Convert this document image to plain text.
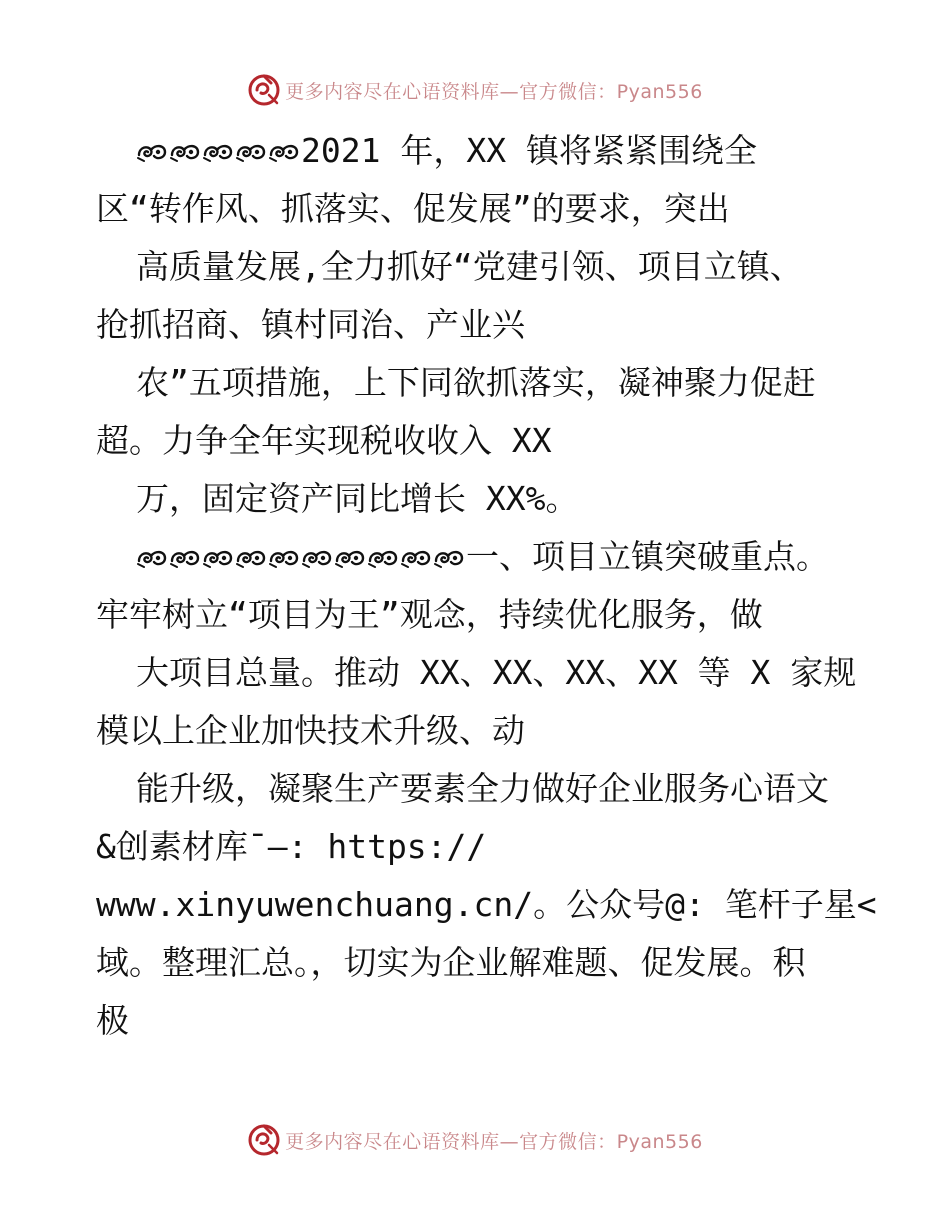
更多内容尽在心语资料库—官方微信：Pyan556
2021 年，XX 镇将紧紧围绕全
区“转作风、抓落实、促发展”的要求，突出
高质量发展,全力抓好“党建引领、项目立镇、
抢抓招商、镇村同治、产业兴
农”五项措施，上下同欲抓落实，凝神聚力促赶
超。力争全年实现税收收入 XX
万，固定资产同比增长 XX%。
一、项目立镇突破重点。
牢牢树立“项目为王”观念，持续优化服务，做
大项目总量。推动 XX、XX、XX、XX 等 X 家规
模以上企业加快技术升级、动
能升级，凝聚生产要素全力做好企业服务心语文
&创素材库¯—: https://
www.xinyuwenchuang.cn/。公众号@: 笔杆子星<
域。整理汇总。，切实为企业解难题、促发展。积
极
更多内容尽在心语资料库—官方微信：Pyan556
